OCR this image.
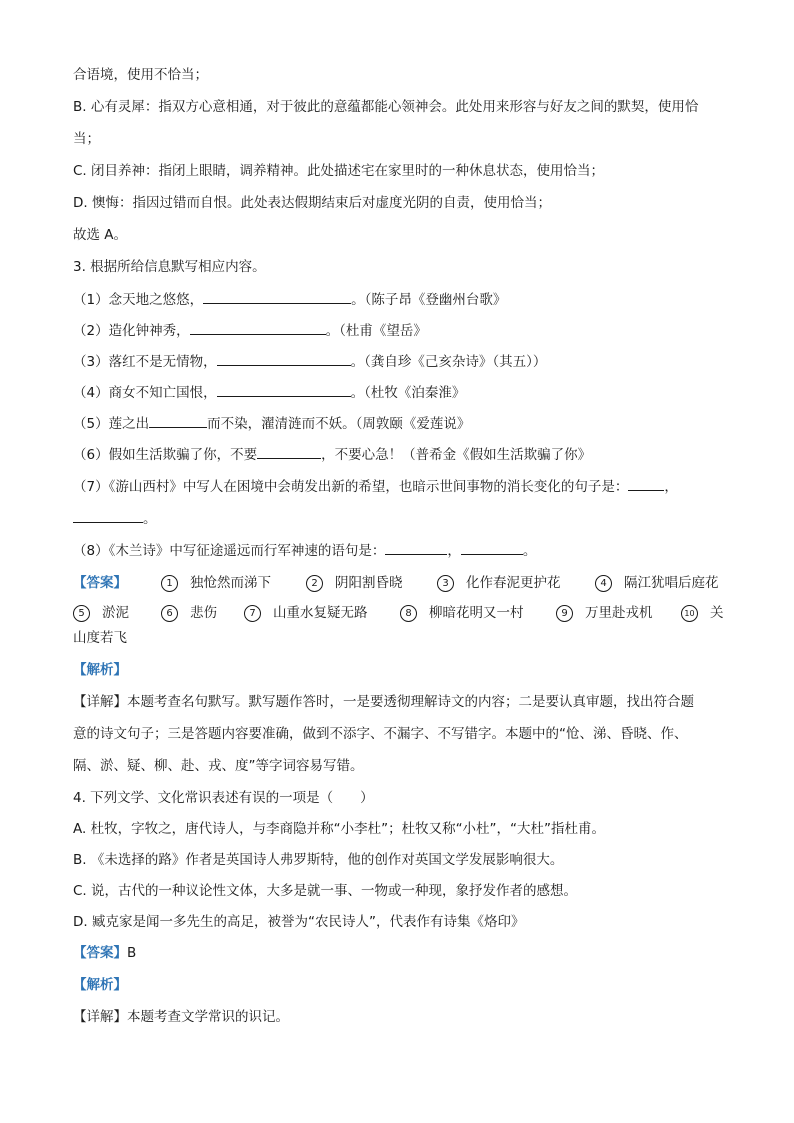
合语境，使用不恰当；
B. 心有灵犀：指双方心意相通，对于彼此的意蕴都能心领神会。此处用来形容与好友之间的默契，使用恰
当；
C. 闭目养神：指闭上眼睛，调养精神。此处描述宅在家里时的一种休息状态，使用恰当；
D. 懊悔：指因过错而自恨。此处表达假期结束后对虚度光阴的自责，使用恰当；
故选 A。
3. 根据所给信息默写相应内容。
（1）念天地之悠悠，	。（陈子昂《登幽州台歌》
（2）造化钟神秀，	。（杜甫《望岳》
（3）落红不是无情物，	。（龚自珍《己亥杂诗》（其五））
（4）商女不知亡国恨，	。（杜牧《泊秦淮》
（5）莲之出	而不染，濯清涟而不妖。（周敦颐《爱莲说》
（6）假如生活欺骗了你，不要	，不要心急！（普希金《假如生活欺骗了你》
（7）《游山西村》中写人在困境中会萌发出新的希望，也暗示世间事物的消长变化的句子是：	，
。
（8）《木兰诗》中写征途遥远而行军神速的语句是：	，	。
【答案】	1 独怆然而涕下	2 阴阳割昏晓	3 化作春泥更护花	4 隔江犹唱后庭花
5 淤泥	6 悲伤	7 山重水复疑无路	8 柳暗花明又一村	9 万里赴戎机	10 关
山度若飞
【解析】
【详解】本题考查名句默写。默写题作答时，一是要透彻理解诗文的内容；二是要认真审题，找出符合题
意的诗文句子；三是答题内容要准确，做到不添字、不漏字、不写错字。本题中的“怆、涕、昏晓、作、
隔、淤、疑、柳、赴、戎、度”等字词容易写错。
4. 下列文学、文化常识表述有误的一项是（　　）
A. 杜牧，字牧之，唐代诗人，与李商隐并称“小李杜”；杜牧又称“小杜”，“大杜”指杜甫。
B. 《未选择的路》作者是英国诗人弗罗斯特，他的创作对英国文学发展影响很大。
C. 说，古代的一种议论性文体，大多是就一事、一物或一种现，象抒发作者的感想。
D. 臧克家是闻一多先生的高足，被誉为“农民诗人”，代表作有诗集《烙印》
【答案】B
【解析】
【详解】本题考查文学常识的识记。
